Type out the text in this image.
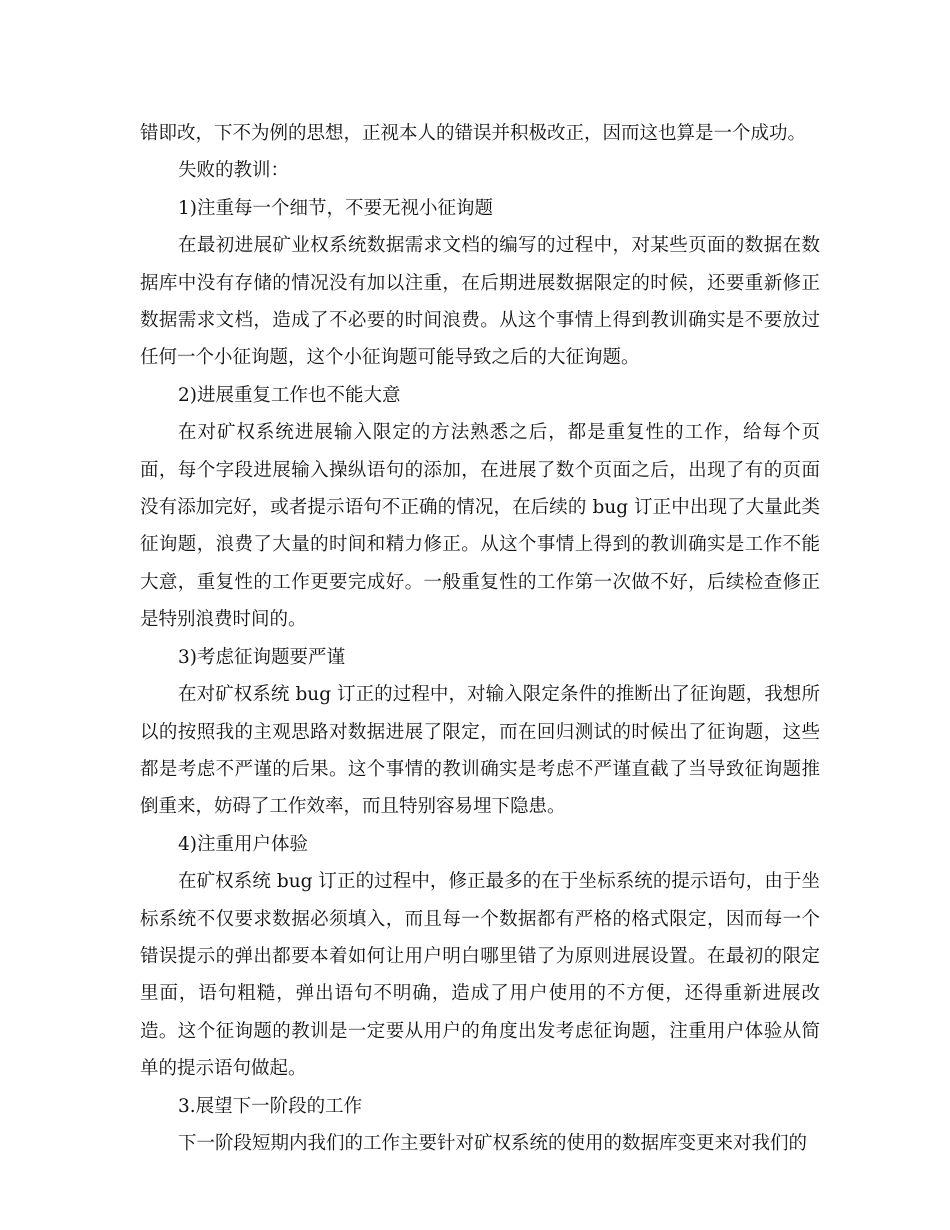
错即改，下不为例的思想，正视本人的错误并积极改正，因而这也算是一个成功。

失败的教训：

1)注重每一个细节，不要无视小征询题

在最初进展矿业权系统数据需求文档的编写的过程中，对某些页面的数据在数据库中没有存储的情况没有加以注重，在后期进展数据限定的时候，还要重新修正数据需求文档，造成了不必要的时间浪费。从这个事情上得到教训确实是不要放过任何一个小征询题，这个小征询题可能导致之后的大征询题。

2)进展重复工作也不能大意

在对矿权系统进展输入限定的方法熟悉之后，都是重复性的工作，给每个页面，每个字段进展输入操纵语句的添加，在进展了数个页面之后，出现了有的页面没有添加完好，或者提示语句不正确的情况，在后续的 bug 订正中出现了大量此类征询题，浪费了大量的时间和精力修正。从这个事情上得到的教训确实是工作不能大意，重复性的工作更要完成好。一般重复性的工作第一次做不好，后续检查修正是特别浪费时间的。

3)考虑征询题要严谨

在对矿权系统 bug 订正的过程中，对输入限定条件的推断出了征询题，我想所以的按照我的主观思路对数据进展了限定，而在回归测试的时候出了征询题，这些都是考虑不严谨的后果。这个事情的教训确实是考虑不严谨直截了当导致征询题推倒重来，妨碍了工作效率，而且特别容易埋下隐患。

4)注重用户体验

在矿权系统 bug 订正的过程中，修正最多的在于坐标系统的提示语句，由于坐标系统不仅要求数据必须填入，而且每一个数据都有严格的格式限定，因而每一个错误提示的弹出都要本着如何让用户明白哪里错了为原则进展设置。在最初的限定里面，语句粗糙，弹出语句不明确，造成了用户使用的不方便，还得重新进展改造。这个征询题的教训是一定要从用户的角度出发考虑征询题，注重用户体验从简单的提示语句做起。

3.展望下一阶段的工作

下一阶段短期内我们的工作主要针对矿权系统的使用的数据库变更来对我们的
